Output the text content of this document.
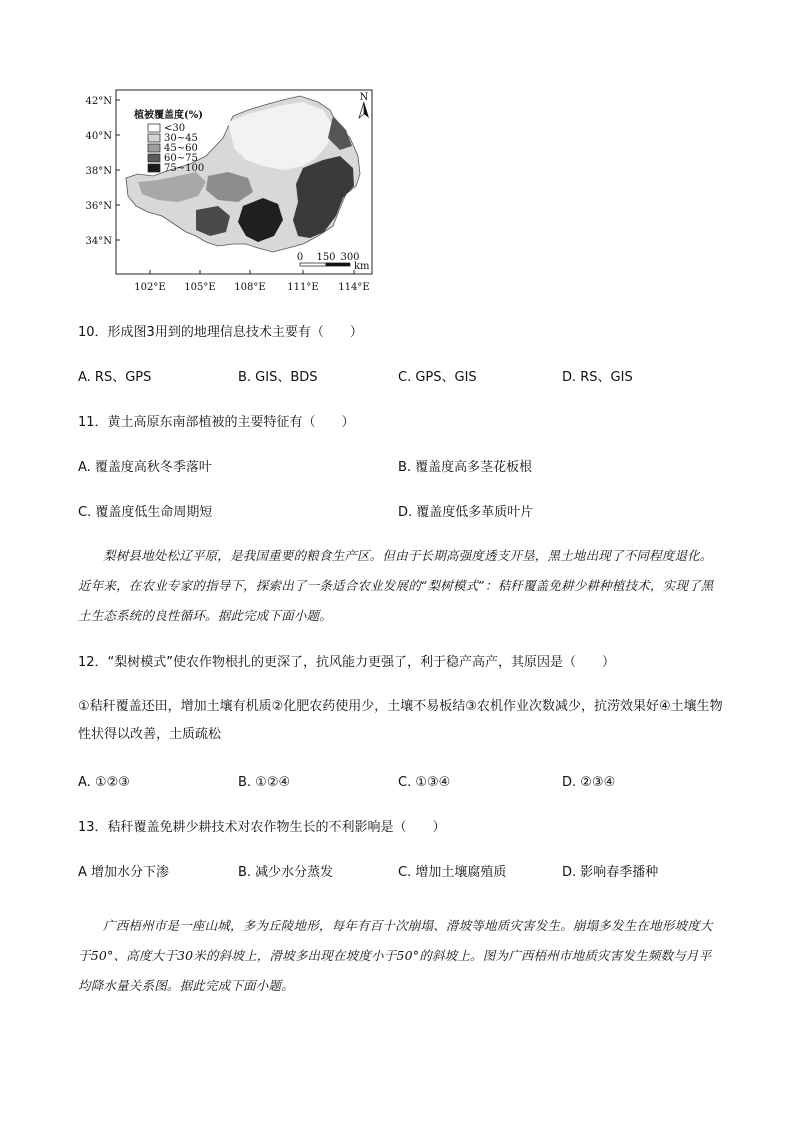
42°N
40°N
38°N
36°N
34°N
102°E 105°E 108°E 111°E 114°E
植被覆盖度(%)
<30
30~45
45~60
60~75
75~100
N
0 150 300
km
10．形成图3用到的地理信息技术主要有（　　）
A. RS、GPS	B. GIS、BDS	C. GPS、GIS	D. RS、GIS
11．黄土高原东南部植被的主要特征有（　　）
A. 覆盖度高秋冬季落叶	B. 覆盖度高多茎花板根
C. 覆盖度低生命周期短	D. 覆盖度低多革质叶片

梨树县地处松辽平原，是我国重要的粮食生产区。但由于长期高强度透支开垦，黑土地出现了不同程度退化。近年来，在农业专家的指导下，探索出了一条适合农业发展的“梨树模式”：秸秆覆盖免耕少耕种植技术，实现了黑土生态系统的良性循环。据此完成下面小题。

12．“梨树模式”使农作物根扎的更深了，抗风能力更强了，利于稳产高产，其原因是（　　）
①秸秆覆盖还田，增加土壤有机质②化肥农药使用少，土壤不易板结③农机作业次数减少，抗涝效果好④土壤生物性状得以改善，土质疏松
A. ①②③	B. ①②④	C. ①③④	D. ②③④
13．秸秆覆盖免耕少耕技术对农作物生长的不利影响是（　　）
A 增加水分下渗	B. 减少水分蒸发	C. 增加土壤腐殖质	D. 影响春季播种

广西梧州市是一座山城，多为丘陵地形，每年有百十次崩塌、滑坡等地质灾害发生。崩塌多发生在地形坡度大于50°、高度大于30米的斜坡上，滑坡多出现在坡度小于50°的斜坡上。图为广西梧州市地质灾害发生频数与月平均降水量关系图。据此完成下面小题。
